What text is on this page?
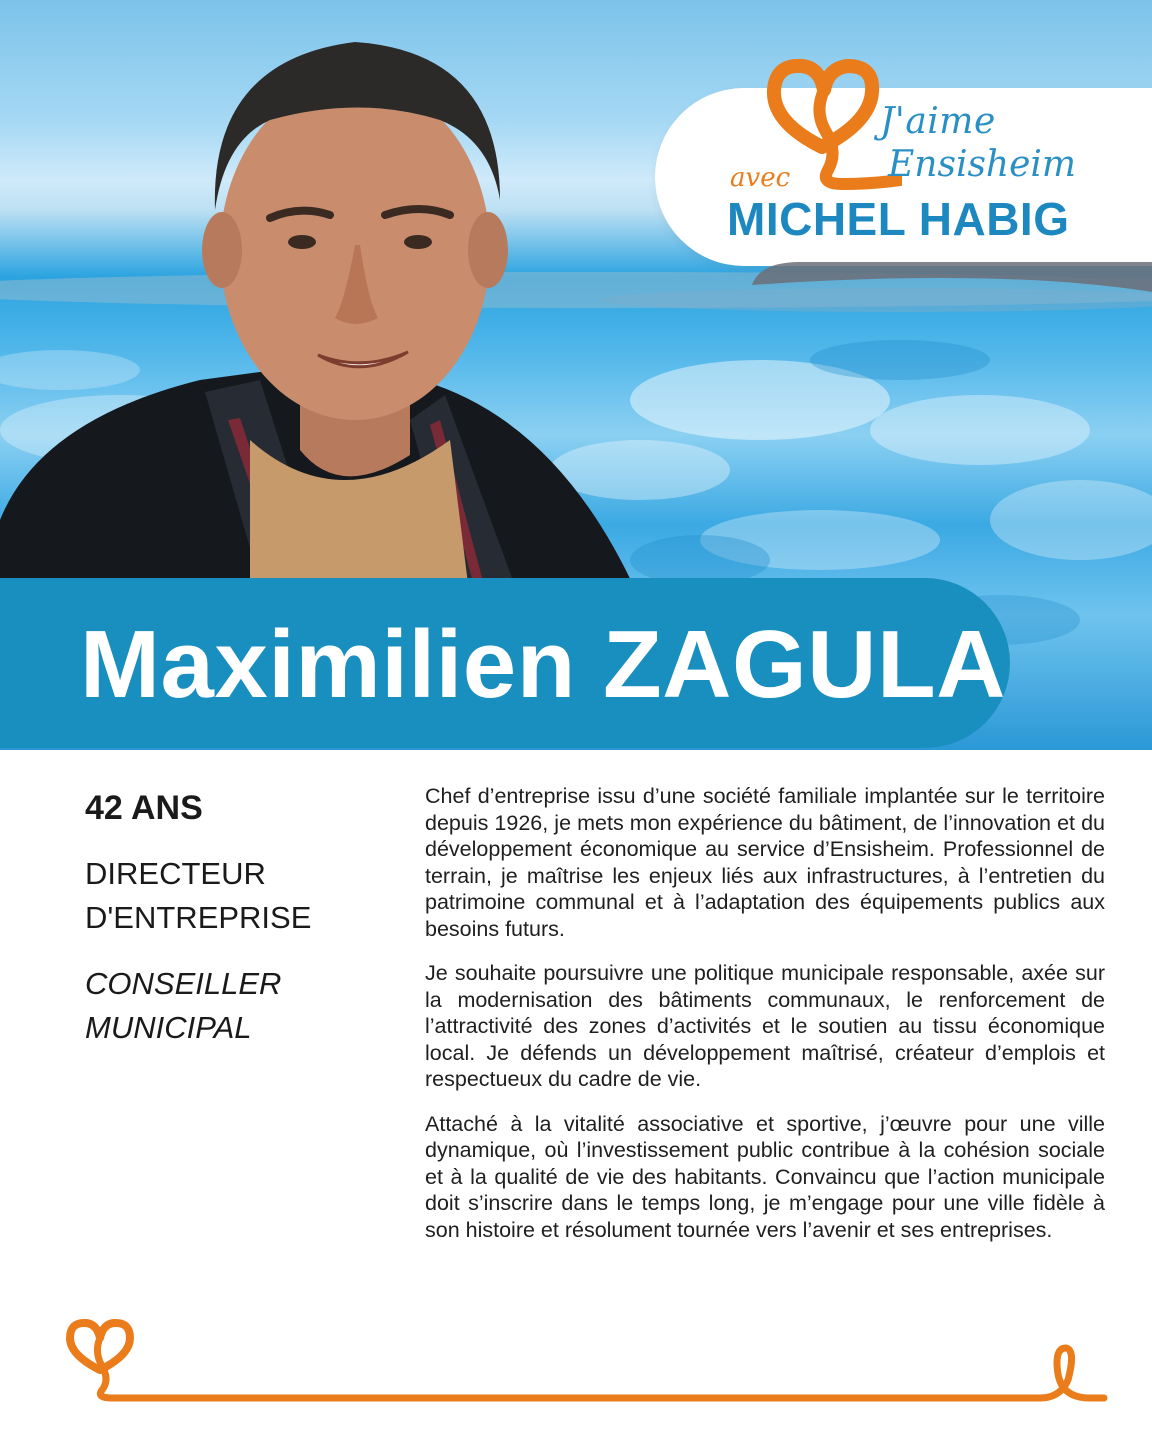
J'aime
Ensisheim
avec
MICHEL HABIG
Maximilien ZAGULA
42 ANS
DIRECTEUR
D'ENTREPRISE
CONSEILLER
MUNICIPAL

Chef d’entreprise issu d’une société familiale implantée sur le territoire depuis 1926, je mets mon expérience du bâtiment, de l’innovation et du développement économique au service d’Ensisheim. Professionnel de terrain, je maîtrise les enjeux liés aux infrastructures, à l’entretien du patrimoine communal et à l’adaptation des équipements publics aux besoins futurs.

Je souhaite poursuivre une politique municipale responsable, axée sur la modernisation des bâtiments communaux, le renforcement de l’attractivité des zones d’activités et le soutien au tissu économique local. Je défends un développement maîtrisé, créateur d’emplois et respectueux du cadre de vie.

Attaché à la vitalité associative et sportive, j’œuvre pour une ville dynamique, où l’investissement public contribue à la cohésion sociale et à la qualité de vie des habitants. Convaincu que l’action municipale doit s’inscrire dans le temps long, je m’engage pour une ville fidèle à son histoire et résolument tournée vers l’avenir et ses entreprises.
